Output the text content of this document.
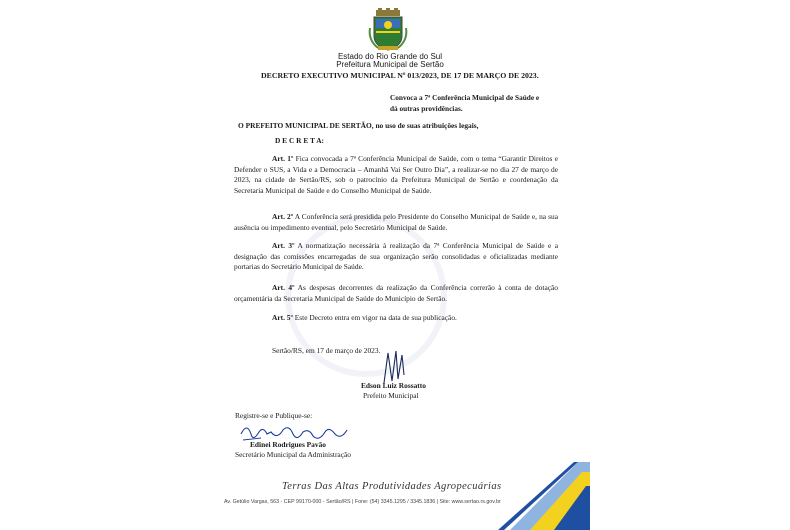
Estado do Rio Grande do Sul
Prefeitura Municipal de Sertão
DECRETO EXECUTIVO MUNICIPAL Nº 013/2023, DE 17 DE MARÇO DE 2023.
Convoca a 7ª Conferência Municipal de Saúde e
dá outras providências.
O PREFEITO MUNICIPAL DE SERTÃO, no uso de suas atribuições legais,
D E C R E T A:

Art. 1º Fica convocada a 7ª Conferência Municipal de Saúde, com o tema “Garantir Direitos e Defender o SUS, a Vida e a Democracia – Amanhã Vai Ser Outro Dia”, a realizar-se no dia 27 de março de 2023, na cidade de Sertão/RS, sob o patrocínio da Prefeitura Municipal de Sertão e coordenação da Secretaria Municipal de Saúde e do Conselho Municipal de Saúde.

Art. 2º A Conferência será presidida pelo Presidente do Conselho Municipal de Saúde e, na sua ausência ou impedimento eventual, pelo Secretário Municipal de Saúde.

Art. 3º A normatização necessária à realização da 7ª Conferência Municipal de Saúde e a designação das comissões encarregadas de sua organização serão consolidadas e oficializadas mediante portarias do Secretário Municipal de Saúde.

Art. 4º As despesas decorrentes da realização da Conferência correrão à conta de dotação orçamentária da Secretaria Municipal de Saúde do Município de Sertão.

Art. 5º Este Decreto entra em vigor na data de sua publicação.

Sertão/RS, em 17 de março de 2023.
Edson Luiz Rossatto
Prefeito Municipal
Registre-se e Publique-se:
Edinei Rodrigues Pavão
Secretário Municipal da Administração
Terras Das Altas Produtividades Agropecuárias
Av. Getúlio Vargas, 563 - CEP 99170-000 - Sertão/RS | Fone: (54) 3345.1295 / 3345.1836 | Site: www.sertao.rs.gov.br
